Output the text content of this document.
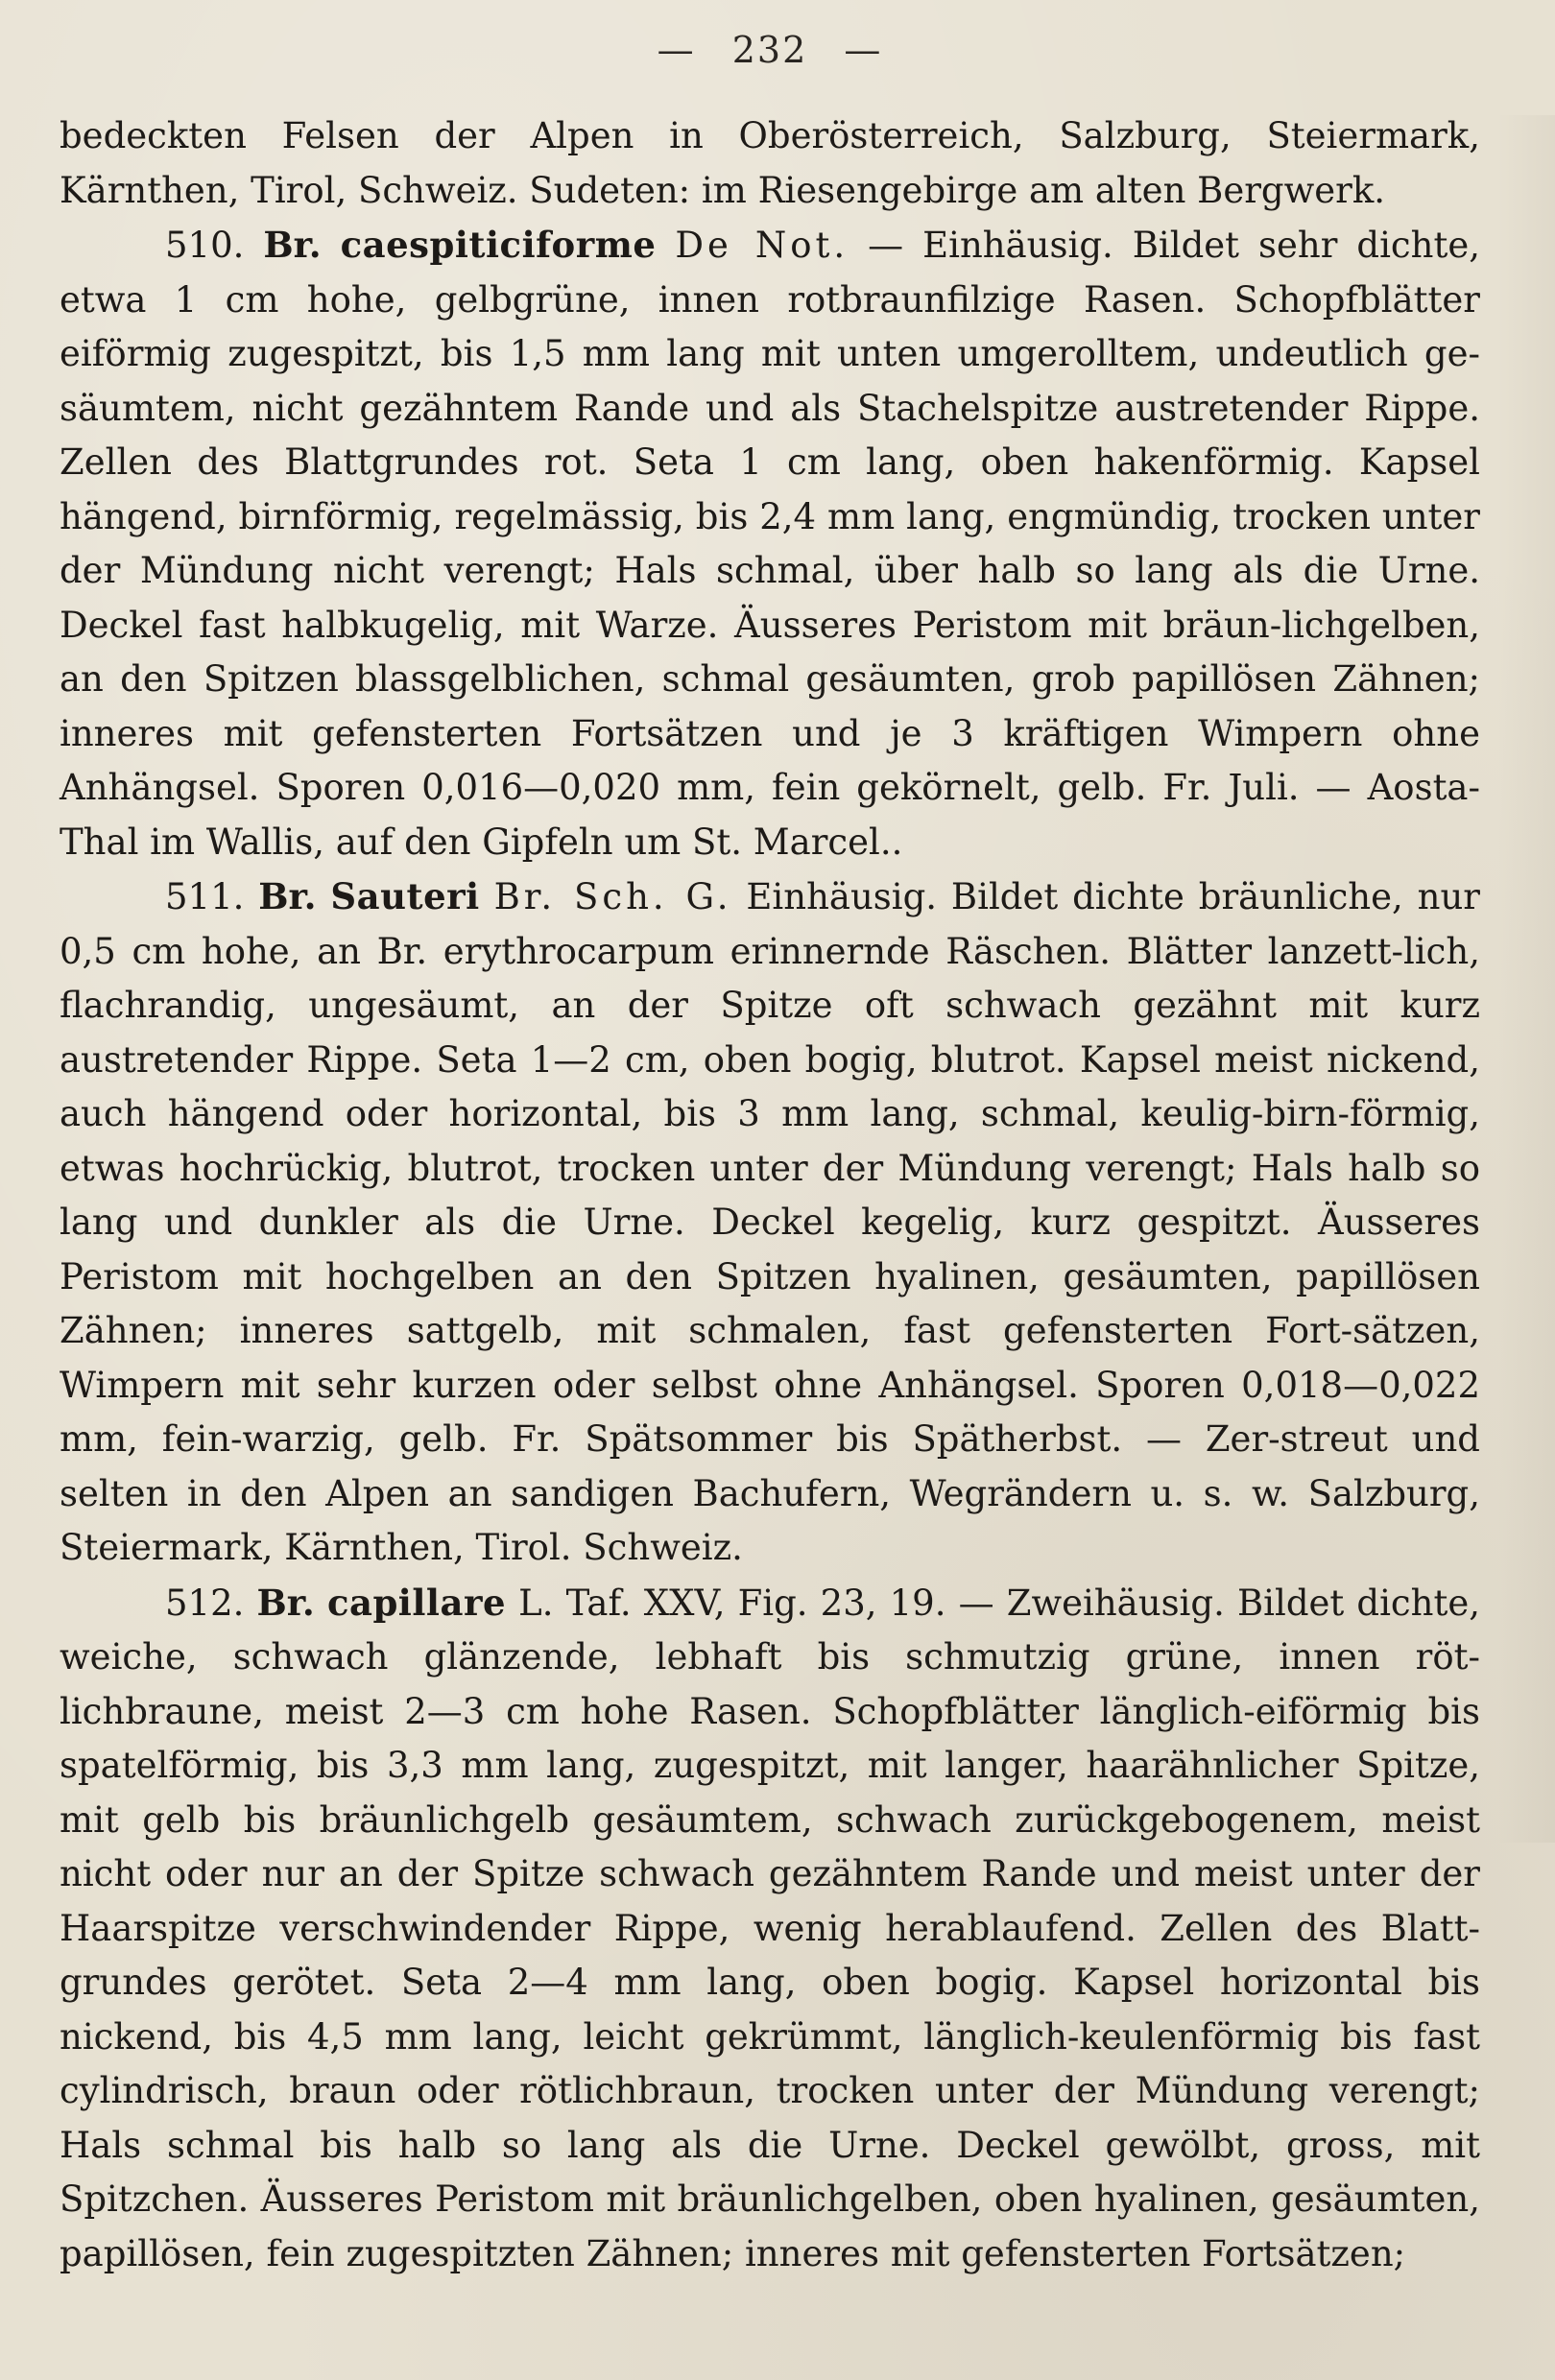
— 232 —

bedeckten Felsen der Alpen in Oberösterreich, Salzburg, Steiermark, Kärnthen, Tirol, Schweiz. Sudeten: im Riesengebirge am alten Bergwerk.

510. Br. caespiticiforme De Not. — Einhäusig. Bildet sehr dichte, etwa 1 cm hohe, gelbgrüne, innen rotbraunfilzige Rasen. Schopfblätter eiförmig zugespitzt, bis 1,5 mm lang mit unten umgerolltem, undeutlich ge-säumtem, nicht gezähntem Rande und als Stachelspitze austretender Rippe. Zellen des Blattgrundes rot. Seta 1 cm lang, oben hakenförmig. Kapsel hängend, birnförmig, regelmässig, bis 2,4 mm lang, engmündig, trocken unter der Mündung nicht verengt; Hals schmal, über halb so lang als die Urne. Deckel fast halbkugelig, mit Warze. Äusseres Peristom mit bräun-lichgelben, an den Spitzen blassgelblichen, schmal gesäumten, grob papillösen Zähnen; inneres mit gefensterten Fortsätzen und je 3 kräftigen Wimpern ohne Anhängsel. Sporen 0,016—0,020 mm, fein gekörnelt, gelb. Fr. Juli. — Aosta-Thal im Wallis, auf den Gipfeln um St. Marcel..

511. Br. Sauteri Br. Sch. G. Einhäusig. Bildet dichte bräunliche, nur 0,5 cm hohe, an Br. erythrocarpum erinnernde Räschen. Blätter lanzett-lich, flachrandig, ungesäumt, an der Spitze oft schwach gezähnt mit kurz austretender Rippe. Seta 1—2 cm, oben bogig, blutrot. Kapsel meist nickend, auch hängend oder horizontal, bis 3 mm lang, schmal, keulig-birn-förmig, etwas hochrückig, blutrot, trocken unter der Mündung verengt; Hals halb so lang und dunkler als die Urne. Deckel kegelig, kurz gespitzt. Äusseres Peristom mit hochgelben an den Spitzen hyalinen, gesäumten, papillösen Zähnen; inneres sattgelb, mit schmalen, fast gefensterten Fort-sätzen, Wimpern mit sehr kurzen oder selbst ohne Anhängsel. Sporen 0,018—0,022 mm, fein-warzig, gelb. Fr. Spätsommer bis Spätherbst. — Zer-streut und selten in den Alpen an sandigen Bachufern, Wegrändern u. s. w. Salzburg, Steiermark, Kärnthen, Tirol. Schweiz.

512. Br. capillare L. Taf. XXV, Fig. 23, 19. — Zweihäusig. Bildet dichte, weiche, schwach glänzende, lebhaft bis schmutzig grüne, innen röt-lichbraune, meist 2—3 cm hohe Rasen. Schopfblätter länglich-eiförmig bis spatelförmig, bis 3,3 mm lang, zugespitzt, mit langer, haarähnlicher Spitze, mit gelb bis bräunlichgelb gesäumtem, schwach zurückgebogenem, meist nicht oder nur an der Spitze schwach gezähntem Rande und meist unter der Haarspitze verschwindender Rippe, wenig herablaufend. Zellen des Blatt-grundes gerötet. Seta 2—4 mm lang, oben bogig. Kapsel horizontal bis nickend, bis 4,5 mm lang, leicht gekrümmt, länglich-keulenförmig bis fast cylindrisch, braun oder rötlichbraun, trocken unter der Mündung verengt; Hals schmal bis halb so lang als die Urne. Deckel gewölbt, gross, mit Spitzchen. Äusseres Peristom mit bräunlichgelben, oben hyalinen, gesäumten, papillösen, fein zugespitzten Zähnen; inneres mit gefensterten Fortsätzen;
